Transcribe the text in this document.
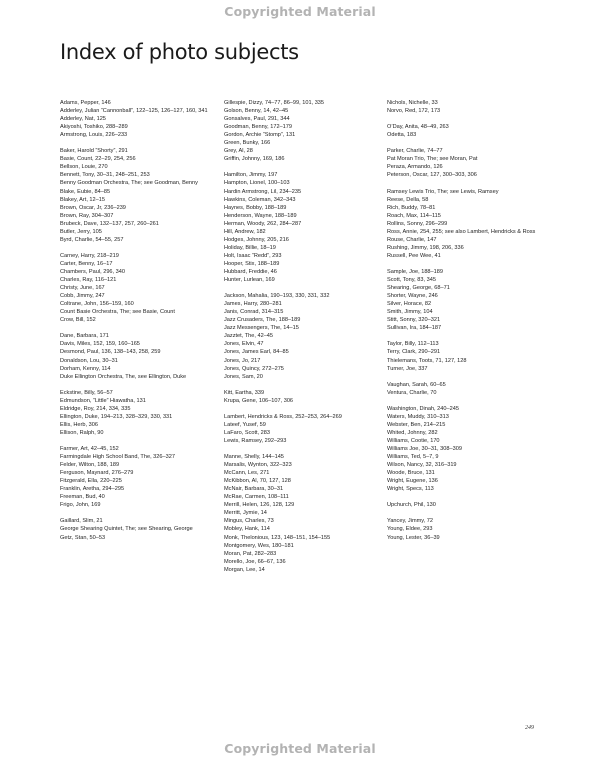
Copyrighted Material
Index of photo subjects
Adams, Pepper, 146
Adderley, Julian “Cannonball”, 122–125, 126–127, 160, 341
Adderley, Nat, 125
Akiyoshi, Toshiko, 288–289
Armstrong, Louis, 226–233
Baker, Harold “Shorty”, 291
Basie, Count, 22–29, 254, 256
Bellson, Louie, 270
Bennett, Tony, 30–31, 248–251, 253
Benny Goodman Orchestra, The; see Goodman, Benny
Blake, Eubie, 84–85
Blakey, Art, 12–15
Brown, Oscar, Jr, 236–239
Brown, Ray, 304–307
Brubeck, Dave, 132–137, 257, 260–261
Butler, Jerry, 105
Byrd, Charlie, 54–55, 257
Carney, Harry, 218–219
Carter, Benny, 16–17
Chambers, Paul, 296, 340
Charles, Ray, 116–121
Christy, June, 167
Cobb, Jimmy, 247
Coltrane, John, 156–159, 160
Count Basie Orchestra, The; see Basie, Count
Crow, Bill, 152
Dane, Barbara, 171
Davis, Miles, 152, 159, 160–165
Desmond, Paul, 136, 138–143, 258, 259
Donaldson, Lou, 30–31
Dorham, Kenny, 114
Duke Ellington Orchestra, The, see Ellington, Duke
Eckstine, Billy, 56–57
Edmundson, “Little” Hiawatha, 131
Eldridge, Roy, 214, 334, 335
Ellington, Duke, 194–213, 328–329, 330, 331
Ellis, Herb, 306
Ellison, Ralph, 90
Farmer, Art, 42–45, 152
Farmingdale High School Band, The, 326–327
Felder, Wilton, 188, 189
Ferguson, Maynard, 276–279
Fitzgerald, Ella, 220–225
Franklin, Aretha, 294–295
Freeman, Bud, 40
Frigo, John, 169
Gaillard, Slim, 21
George Shearing Quintet, The; see Shearing, George
Getz, Stan, 50–53
Gillespie, Dizzy, 74–77, 86–99, 101, 335
Golson, Benny, 14, 42–45
Gonsalves, Paul, 291, 344
Goodman, Benny, 172–179
Gordon, Archie “Stomp”, 131
Green, Bunky, 166
Grey, Al, 28
Griffin, Johnny, 169, 186
Hamilton, Jimmy, 197
Hampton, Lionel, 100–103
Hardin Armstrong, Lil, 234–235
Hawkins, Coleman, 342–343
Haynes, Bobby, 188–189
Henderson, Wayne, 188–189
Herman, Woody, 262, 284–287
Hill, Andrew, 182
Hodges, Johnny, 205, 216
Holiday, Billie, 18–19
Holt, Isaac “Redd”, 293
Hooper, Stix, 188–189
Hubbard, Freddie, 46
Hunter, Lurlean, 169
Jackson, Mahalia, 190–193, 330, 331, 332
James, Harry, 280–281
Janis, Conrad, 314–315
Jazz Crusaders, The, 188–189
Jazz Messengers, The, 14–15
Jazztet, The, 42–45
Jones, Elvin, 47
Jones, James Earl, 84–85
Jones, Jo, 217
Jones, Quincy, 272–275
Jones, Sam, 20
Kitt, Eartha, 339
Krupa, Gene, 106–107, 306
Lambert, Hendricks & Ross, 252–253, 264–269
Lateef, Yusef, 59
LaFaro, Scott, 283
Lewis, Ramsey, 292–293
Manne, Shelly, 144–145
Marsalis, Wynton, 322–323
McCann, Les, 271
McKibbon, Al, 70, 127, 128
McNair, Barbara, 30–31
McRae, Carmen, 108–111
Merrill, Helen, 126, 128, 129
Merritt, Jymie, 14
Mingus, Charles, 73
Mobley, Hank, 114
Monk, Thelonious, 123, 148–151, 154–155
Montgomery, Wes, 180–181
Moran, Pat, 282–283
Morello, Joe, 66–67, 136
Morgan, Lee, 14
Nichols, Nichelle, 33
Norvo, Red, 172, 173
O’Day, Anita, 48–49, 263
Odetta, 183
Parker, Charlie, 74–77
Pat Moran Trio, The; see Moran, Pat
Peraza, Armando, 126
Peterson, Oscar, 127, 300–303, 306
Ramsey Lewis Trio, The; see Lewis, Ramsey
Reese, Della, 58
Rich, Buddy, 78–81
Roach, Max, 114–115
Rollins, Sonny, 296–299
Ross, Annie, 254, 255; see also Lambert, Hendricks & Ross
Rouse, Charlie, 147
Rushing, Jimmy, 198, 206, 336
Russell, Pee Wee, 41
Sample, Joe, 188–189
Scott, Tony, 83, 345
Shearing, George, 68–71
Shorter, Wayne, 246
Silver, Horace, 82
Smith, Jimmy, 104
Stitt, Sonny, 320–321
Sullivan, Ira, 184–187
Taylor, Billy, 112–113
Terry, Clark, 290–291
Thielemans, Toots, 71, 127, 128
Turner, Joe, 337
Vaughan, Sarah, 60–65
Ventura, Charlie, 70
Washington, Dinah, 240–245
Waters, Muddy, 310–313
Webster, Ben, 214–215
Whited, Johnny, 282
Williams, Cootie, 170
Williams Joe, 30–31, 308–309
Williams, Ted, 5–7, 9
Wilson, Nancy, 32, 316–319
Woode, Bruce, 131
Wright, Eugene, 136
Wright, Specs, 113
Upchurch, Phil, 130
Yancey, Jimmy, 72
Young, Eldee, 293
Young, Lester, 36–39
249
Copyrighted Material
